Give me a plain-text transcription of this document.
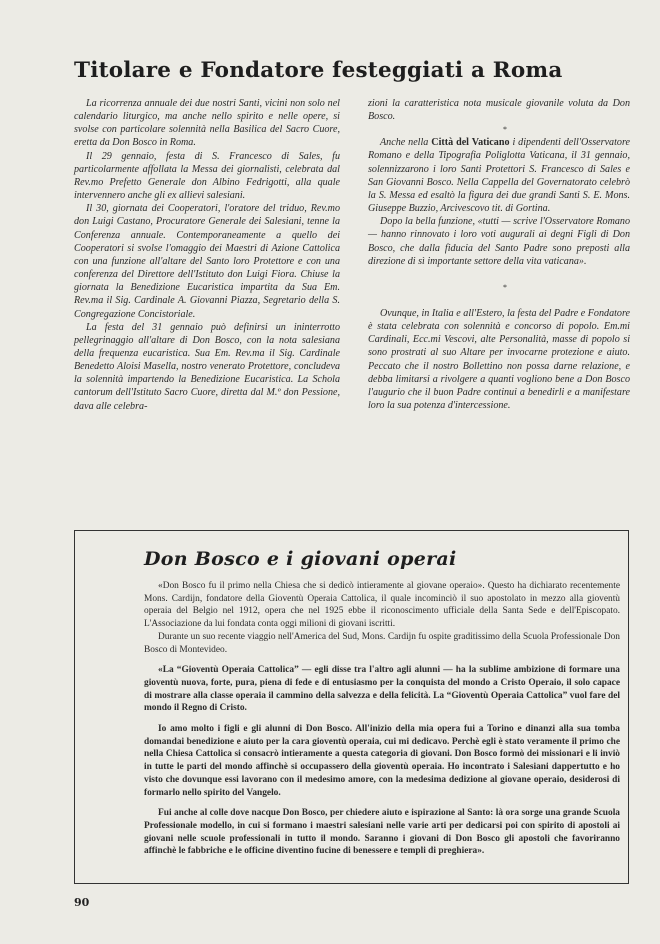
Titolare e Fondatore festeggiati a Roma

La ricorrenza annuale dei due nostri Santi, vicini non solo nel calendario liturgico, ma anche nello spirito e nelle opere, si svolse con particolare solennità nella Basilica del Sacro Cuore, eretta da Don Bosco in Roma.

Il 29 gennaio, festa di S. Francesco di Sales, fu particolarmente affollata la Messa dei giornalisti, celebrata dal Rev.mo Prefetto Generale don Albino Fedrigotti, alla quale intervennero anche gli ex allievi salesiani.

Il 30, giornata dei Cooperatori, l'oratore del triduo, Rev.mo don Luigi Castano, Procuratore Generale dei Salesiani, tenne la Conferenza annuale. Contemporaneamente a quello dei Cooperatori si svolse l'omaggio dei Maestri di Azione Cattolica con una funzione all'altare del Santo loro Protettore e con una conferenza del Direttore dell'Istituto don Luigi Fiora. Chiuse la giornata la Benedizione Eucaristica impartita da Sua Em. Rev.ma il Sig. Cardinale A. Giovanni Piazza, Segretario della S. Congregazione Concistoriale.

La festa del 31 gennaio può definirsi un ininterrotto pellegrinaggio all'altare di Don Bosco, con la nota salesiana della frequenza eucaristica. Sua Em. Rev.ma il Sig. Cardinale Benedetto Aloisi Masella, nostro venerato Protettore, concludeva la solennità impartendo la Benedizione Eucaristica. La Schola cantorum dell'Istituto Sacro Cuore, diretta dal M.º don Pessione, dava alle celebra-

zioni la caratteristica nota musicale giovanile voluta da Don Bosco.

*

Anche nella Città del Vaticano i dipendenti dell'Osservatore Romano e della Tipografia Poliglotta Vaticana, il 31 gennaio, solennizzarono i loro Santi Protettori S. Francesco di Sales e San Giovanni Bosco. Nella Cappella del Governatorato celebrò la S. Messa ed esaltò la figura dei due grandi Santi S. E. Mons. Giuseppe Buzzio, Arcivescovo tit. di Gortina.

Dopo la bella funzione, «tutti — scrive l'Osservatore Romano — hanno rinnovato i loro voti augurali ai degni Figli di Don Bosco, che dalla fiducia del Santo Padre sono preposti alla direzione di sì importante settore della vita vaticana».

*

Ovunque, in Italia e all'Estero, la festa del Padre e Fondatore è stata celebrata con solennità e concorso di popolo. Em.mi Cardinali, Ecc.mi Vescovi, alte Personalità, masse di popolo si sono prostrati al suo Altare per invocarne protezione e aiuto. Peccato che il nostro Bollettino non possa darne relazione, e debba limitarsi a rivolgere a quanti vogliono bene a Don Bosco l'augurio che il buon Padre continui a benedirli e a manifestare loro la sua potenza d'intercessione.

Don Bosco e i giovani operai

«Don Bosco fu il primo nella Chiesa che si dedicò intieramente al giovane operaio». Questo ha dichiarato recentemente Mons. Cardijn, fondatore della Gioventù Operaia Cattolica, il quale incominciò il suo apostolato in mezzo alla gioventù operaia del Belgio nel 1912, opera che nel 1925 ebbe il riconoscimento ufficiale della Santa Sede e dell'Episcopato. L'Associazione da lui fondata conta oggi milioni di giovani iscritti.

Durante un suo recente viaggio nell'America del Sud, Mons. Cardijn fu ospite graditissimo della Scuola Professionale Don Bosco di Montevideo.

«La “Gioventù Operaia Cattolica” — egli disse tra l'altro agli alunni — ha la sublime ambizione di formare una gioventù nuova, forte, pura, piena di fede e di entusiasmo per la conquista del mondo a Cristo Operaio, il solo capace di mostrare alla classe operaia il cammino della salvezza e della felicità. La “Gioventù Operaia Cattolica” vuol fare del mondo il Regno di Cristo.

Io amo molto i figli e gli alunni di Don Bosco. All'inizio della mia opera fui a Torino e dinanzi alla sua tomba domandai benedizione e aiuto per la cara gioventù operaia, cui mi dedicavo. Perchè egli è stato veramente il primo che nella Chiesa Cattolica si consacrò intieramente a questa categoria di giovani. Don Bosco formò dei missionari e li inviò in tutte le parti del mondo affinchè si occupassero della gioventù operaia. Ho incontrato i Salesiani dappertutto e ho visto che dovunque essi lavorano con il medesimo amore, con la medesima dedizione al giovane operaio, desiderosi di formarlo nello spirito del Vangelo.

Fui anche al colle dove nacque Don Bosco, per chiedere aiuto e ispirazione al Santo: là ora sorge una grande Scuola Professionale modello, in cui si formano i maestri salesiani nelle varie arti per dedicarsi poi con spirito di apostoli ai giovani nelle scuole professionali in tutto il mondo. Saranno i giovani di Don Bosco gli apostoli che favoriranno affinchè le fabbriche e le officine diventino fucine di benessere e templi di preghiera».

90
